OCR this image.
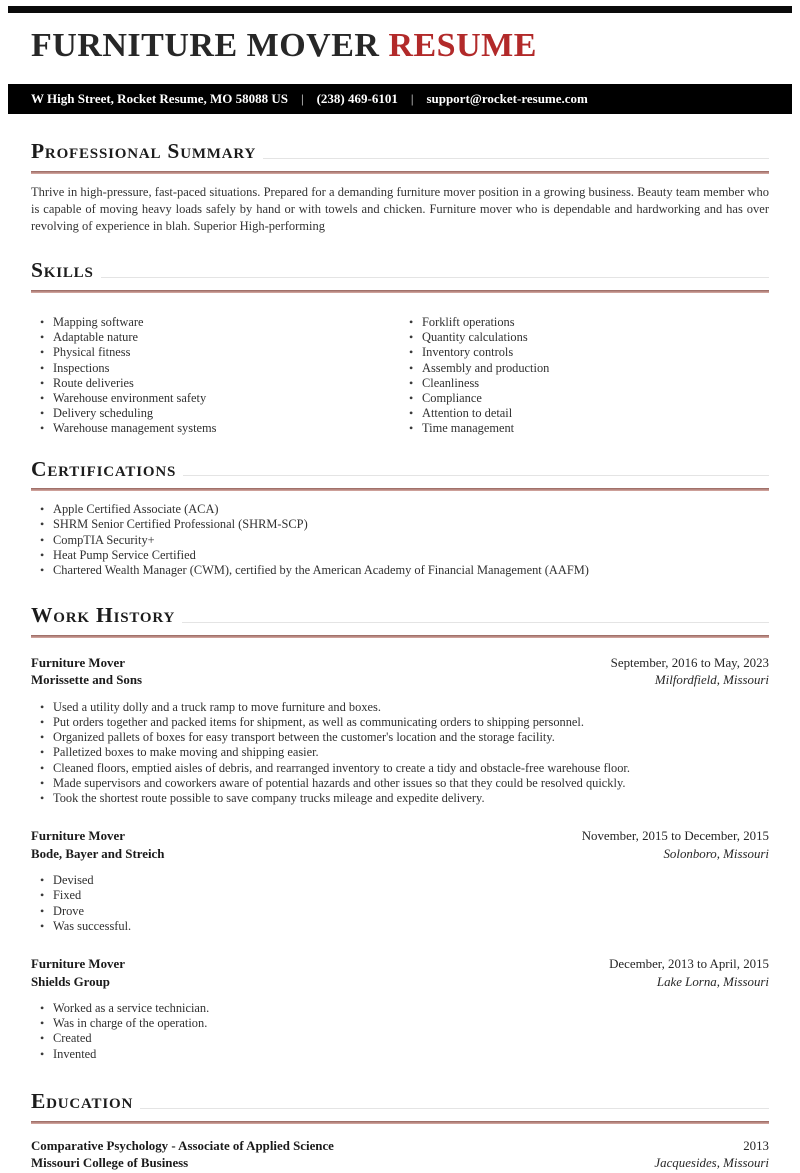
FURNITURE MOVER RESUME
W High Street, Rocket Resume, MO 58088 US | (238) 469-6101 | support@rocket-resume.com
Professional Summary

Thrive in high-pressure, fast-paced situations. Prepared for a demanding furniture mover position in a growing business. Beauty team member who is capable of moving heavy loads safely by hand or with towels and chicken. Furniture mover who is dependable and hardworking and has over revolving of experience in blah. Superior High-performing

Skills
• Mapping software
• Adaptable nature
• Physical fitness
• Inspections
• Route deliveries
• Warehouse environment safety
• Delivery scheduling
• Warehouse management systems
• Forklift operations
• Quantity calculations
• Inventory controls
• Assembly and production
• Cleanliness
• Compliance
• Attention to detail
• Time management
Certifications
• Apple Certified Associate (ACA)
• SHRM Senior Certified Professional (SHRM-SCP)
• CompTIA Security+
• Heat Pump Service Certified
• Chartered Wealth Manager (CWM), certified by the American Academy of Financial Management (AAFM)
Work History
Furniture Mover	September, 2016 to May, 2023
Morissette and Sons	Milfordfield, Missouri
• Used a utility dolly and a truck ramp to move furniture and boxes.
• Put orders together and packed items for shipment, as well as communicating orders to shipping personnel.
• Organized pallets of boxes for easy transport between the customer's location and the storage facility.
• Palletized boxes to make moving and shipping easier.
• Cleaned floors, emptied aisles of debris, and rearranged inventory to create a tidy and obstacle-free warehouse floor.
• Made supervisors and coworkers aware of potential hazards and other issues so that they could be resolved quickly.
• Took the shortest route possible to save company trucks mileage and expedite delivery.
Furniture Mover	November, 2015 to December, 2015
Bode, Bayer and Streich	Solonboro, Missouri
• Devised
• Fixed
• Drove
• Was successful.
Furniture Mover	December, 2013 to April, 2015
Shields Group	Lake Lorna, Missouri
• Worked as a service technician.
• Was in charge of the operation.
• Created
• Invented
Education
Comparative Psychology - Associate of Applied Science	2013
Missouri College of Business	Jacquesides, Missouri
